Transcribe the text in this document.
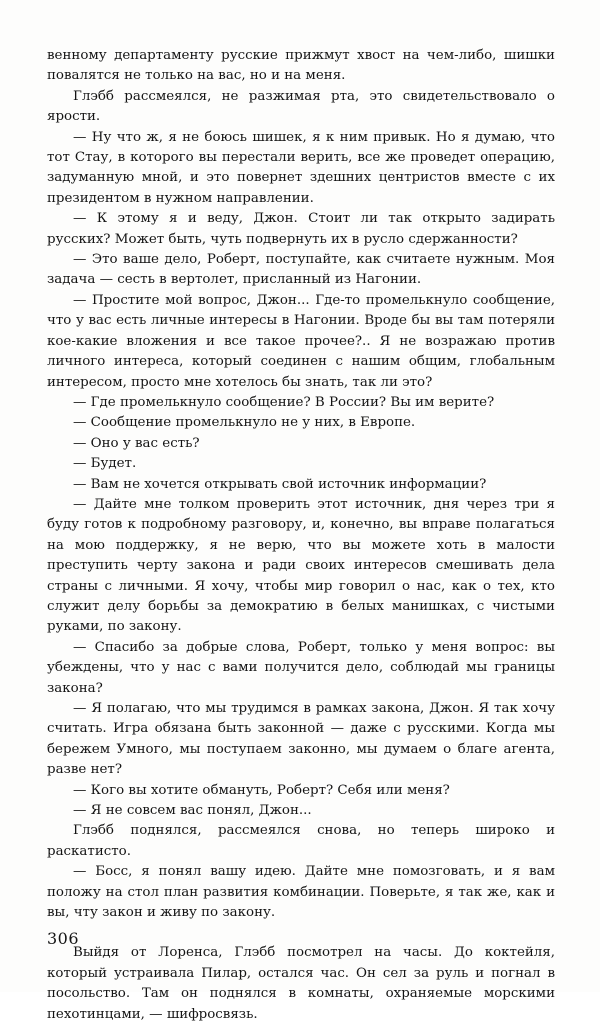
венному департаменту русские прижмут хвост на чем-либо, шишки повалятся не только на вас, но и на меня.

Глэбб рассмеялся, не разжимая рта, это свидетельствовало о ярости.

— Ну что ж, я не боюсь шишек, я к ним привык. Но я думаю, что тот Стау, в которого вы перестали верить, все же проведет операцию, задуманную мной, и это повернет здешних центристов вместе с их президентом в нужном направлении.

— К этому я и веду, Джон. Стоит ли так открыто задирать русских? Может быть, чуть подвернуть их в русло сдержанности?

— Это ваше дело, Роберт, поступайте, как считаете нужным. Моя задача — сесть в вертолет, присланный из Нагонии.

— Простите мой вопрос, Джон... Где-то промелькнуло сообщение, что у вас есть личные интересы в Нагонии. Вроде бы вы там потеряли кое-какие вложения и все такое прочее?.. Я не возражаю против личного интереса, который соединен с нашим общим, глобальным интересом, просто мне хотелось бы знать, так ли это?

— Где промелькнуло сообщение? В России? Вы им верите?

— Сообщение промелькнуло не у них, в Европе.

— Оно у вас есть?

— Будет.

— Вам не хочется открывать свой источник информации?

— Дайте мне толком проверить этот источник, дня через три я буду готов к подробному разговору, и, конечно, вы вправе полагаться на мою поддержку, я не верю, что вы можете хоть в малости преступить черту закона и ради своих интересов смешивать дела страны с личными. Я хочу, чтобы мир говорил о нас, как о тех, кто служит делу борьбы за демократию в белых манишках, с чистыми руками, по закону.

— Спасибо за добрые слова, Роберт, только у меня вопрос: вы убеждены, что у нас с вами получится дело, соблюдай мы границы закона?

— Я полагаю, что мы трудимся в рамках закона, Джон. Я так хочу считать. Игра обязана быть законной — даже с русскими. Когда мы бережем Умного, мы поступаем законно, мы думаем о благе агента, разве нет?

— Кого вы хотите обмануть, Роберт? Себя или меня?

— Я не совсем вас понял, Джон...

Глэбб поднялся, рассмеялся снова, но теперь широко и раскатисто.

— Босс, я понял вашу идею. Дайте мне помозговать, и я вам положу на стол план развития комбинации. Поверьте, я так же, как и вы, чту закон и живу по закону.

Выйдя от Лоренса, Глэбб посмотрел на часы. До коктейля, который устраивала Пилар, остался час. Он сел за руль и погнал в посольство. Там он поднялся в комнаты, охраняемые морскими пехотинцами, — шифросвязь.

306
